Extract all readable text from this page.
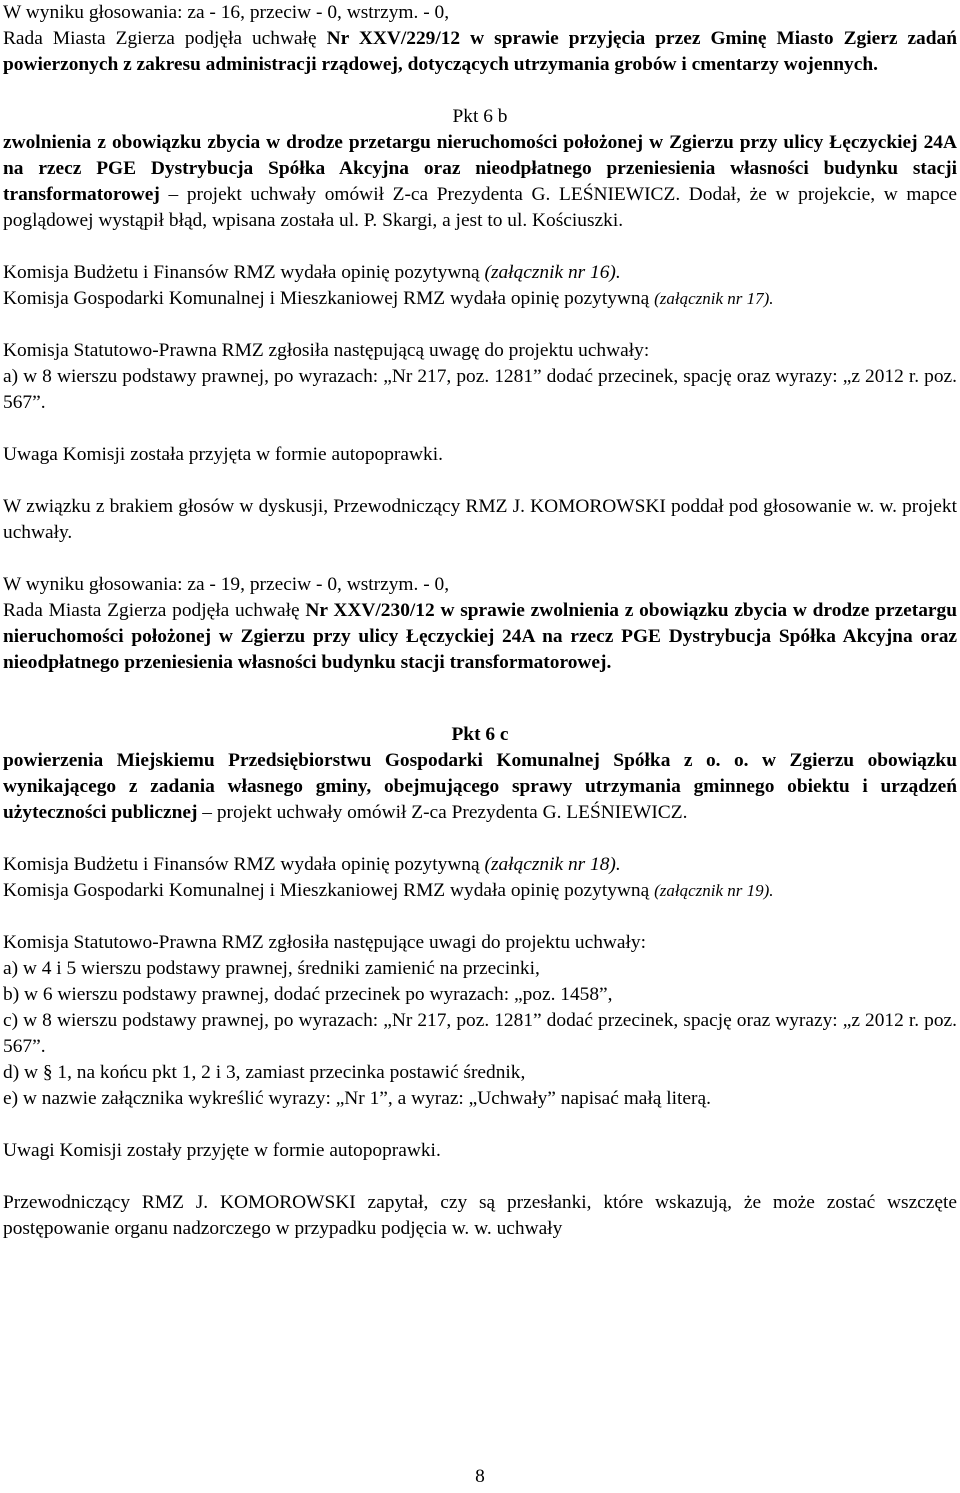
W wyniku głosowania: za - 16, przeciw - 0, wstrzym. - 0,

Rada Miasta Zgierza podjęła uchwałę Nr XXV/229/12 w sprawie przyjęcia przez Gminę Miasto Zgierz zadań powierzonych z zakresu administracji rządowej, dotyczących utrzymania grobów i cmentarzy wojennych.

Pkt 6 b

zwolnienia z obowiązku zbycia w drodze przetargu nieruchomości położonej w Zgierzu przy ulicy Łęczyckiej 24A na rzecz PGE Dystrybucja Spółka Akcyjna oraz nieodpłatnego przeniesienia własności budynku stacji transformatorowej – projekt uchwały omówił Z-ca Prezydenta G. LEŚNIEWICZ. Dodał, że w projekcie, w mapce poglądowej wystąpił błąd, wpisana została ul. P. Skargi, a jest to ul. Kościuszki.

Komisja Budżetu i Finansów RMZ wydała opinię pozytywną (załącznik nr 16).

Komisja Gospodarki Komunalnej i Mieszkaniowej RMZ wydała opinię pozytywną (załącznik nr 17).

Komisja Statutowo-Prawna RMZ zgłosiła następującą uwagę do projektu uchwały:

a) w 8 wierszu podstawy prawnej, po wyrazach: „Nr 217, poz. 1281” dodać przecinek, spację oraz wyrazy: „z 2012 r. poz. 567”.

Uwaga Komisji została przyjęta w formie autopoprawki.

W związku z brakiem głosów w dyskusji, Przewodniczący RMZ J. KOMOROWSKI poddał pod głosowanie w. w. projekt uchwały.

W wyniku głosowania: za - 19, przeciw - 0, wstrzym. - 0,

Rada Miasta Zgierza podjęła uchwałę Nr XXV/230/12 w sprawie zwolnienia z obowiązku zbycia w drodze przetargu nieruchomości położonej w Zgierzu przy ulicy Łęczyckiej 24A na rzecz PGE Dystrybucja Spółka Akcyjna oraz nieodpłatnego przeniesienia własności budynku stacji transformatorowej.

Pkt 6 c

powierzenia Miejskiemu Przedsiębiorstwu Gospodarki Komunalnej Spółka z o. o. w Zgierzu obowiązku wynikającego z zadania własnego gminy, obejmującego sprawy utrzymania gminnego obiektu i urządzeń użyteczności publicznej – projekt uchwały omówił Z-ca Prezydenta G. LEŚNIEWICZ.

Komisja Budżetu i Finansów RMZ wydała opinię pozytywną (załącznik nr 18).

Komisja Gospodarki Komunalnej i Mieszkaniowej RMZ wydała opinię pozytywną (załącznik nr 19).

Komisja Statutowo-Prawna RMZ zgłosiła następujące uwagi do projektu uchwały:

a) w 4 i 5 wierszu podstawy prawnej, średniki zamienić na przecinki,

b) w 6 wierszu podstawy prawnej, dodać przecinek po wyrazach: „poz. 1458”,

c) w 8 wierszu podstawy prawnej, po wyrazach: „Nr 217, poz. 1281” dodać przecinek, spację oraz wyrazy: „z 2012 r. poz. 567”.

d) w § 1, na końcu pkt 1, 2 i 3, zamiast przecinka postawić średnik,

e) w nazwie załącznika wykreślić wyrazy: „Nr 1”, a wyraz: „Uchwały” napisać małą literą.

Uwagi Komisji zostały przyjęte w formie autopoprawki.

Przewodniczący RMZ J. KOMOROWSKI zapytał, czy są przesłanki, które wskazują, że może zostać wszczęte postępowanie organu nadzorczego w przypadku podjęcia w. w. uchwały

8
